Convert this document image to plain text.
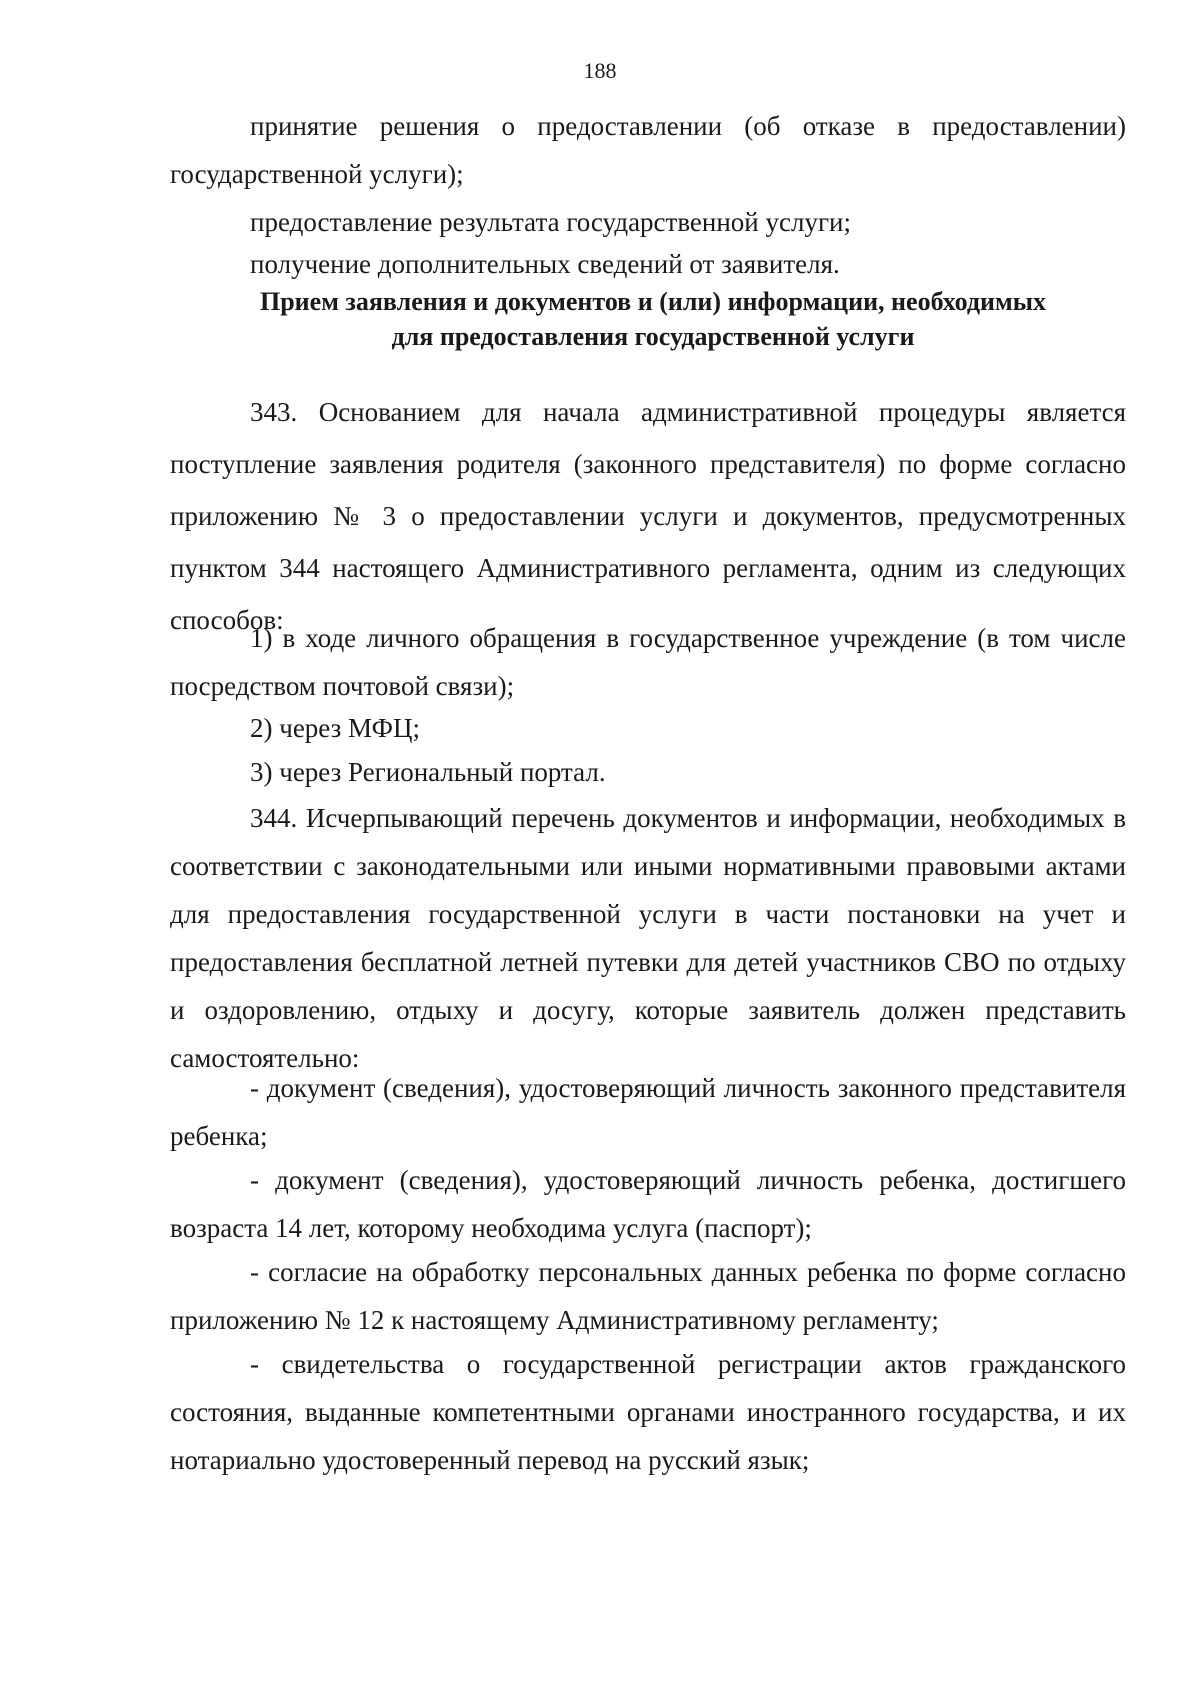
188

принятие решения о предоставлении (об отказе в предоставлении) государственной услуги);

предоставление результата государственной услуги;

получение дополнительных сведений от заявителя.

Прием заявления и документов и (или) информации, необходимых
для предоставления государственной услуги

343. Основанием для начала административной процедуры является поступление заявления родителя (законного представителя) по форме согласно приложению № 3 о предоставлении услуги и документов, предусмотренных пунктом 344 настоящего Административного регламента, одним из следующих способов:

1) в ходе личного обращения в государственное учреждение (в том числе посредством почтовой связи);

2) через МФЦ;

3) через Региональный портал.

344. Исчерпывающий перечень документов и информации, необходимых в соответствии с законодательными или иными нормативными правовыми актами для предоставления государственной услуги в части постановки на учет и предоставления бесплатной летней путевки для детей участников СВО по отдыху и оздоровлению, отдыху и досугу, которые заявитель должен представить самостоятельно:

- документ (сведения), удостоверяющий личность законного представителя ребенка;

- документ (сведения), удостоверяющий личность ребенка, достигшего возраста 14 лет, которому необходима услуга (паспорт);

- согласие на обработку персональных данных ребенка по форме согласно приложению № 12 к настоящему Административному регламенту;

- свидетельства о государственной регистрации актов гражданского состояния, выданные компетентными органами иностранного государства, и их нотариально удостоверенный перевод на русский язык;
